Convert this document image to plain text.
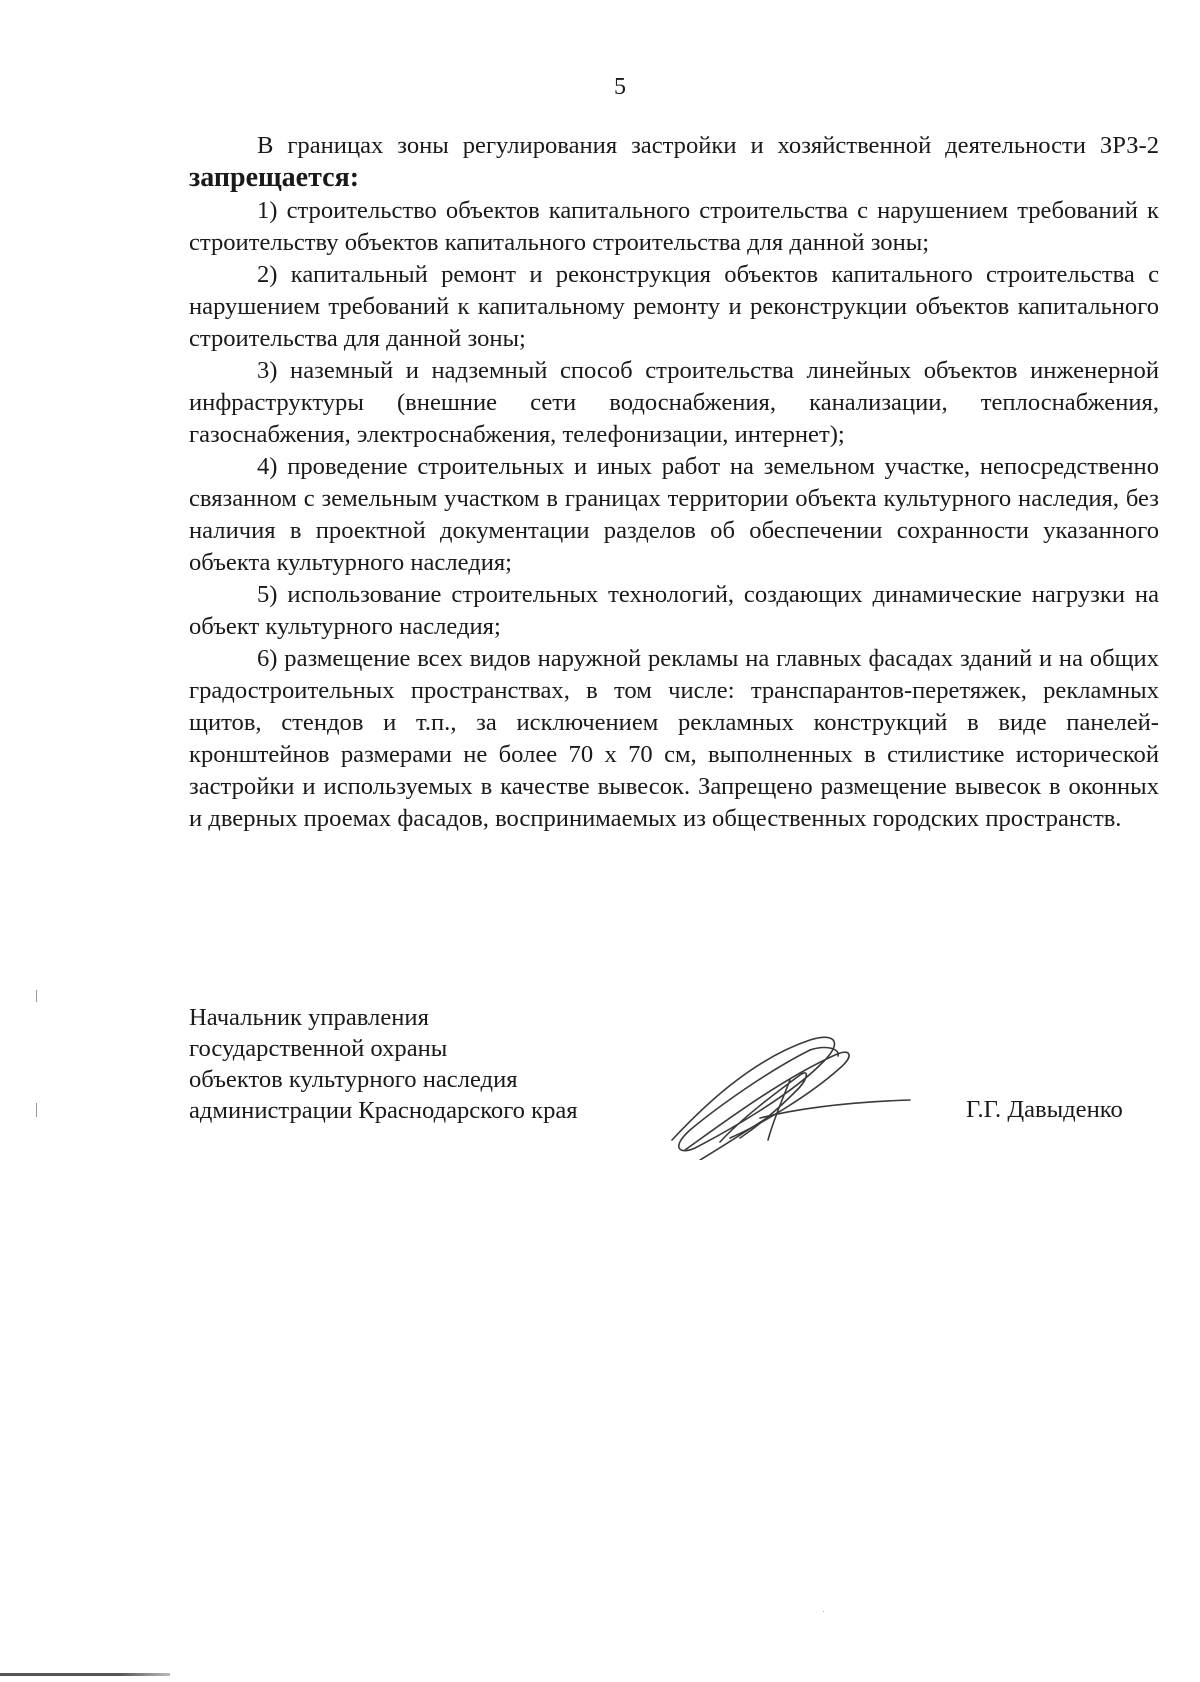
5

В границах зоны регулирования застройки и хозяйственной деятельности ЗРЗ-2 запрещается:

1) строительство объектов капитального строительства с нарушением требований к строительству объектов капитального строительства для данной зоны;

2) капитальный ремонт и реконструкция объектов капитального строительства с нарушением требований к капитальному ремонту и реконструкции объектов капитального строительства для данной зоны;

3) наземный и надземный способ строительства линейных объектов инженерной инфраструктуры (внешние сети водоснабжения, канализации, теплоснабжения, газоснабжения, электроснабжения, телефонизации, интернет);

4) проведение строительных и иных работ на земельном участке, непосредственно связанном с земельным участком в границах территории объекта культурного наследия, без наличия в проектной документации разделов об обеспечении сохранности указанного объекта культурного наследия;

5) использование строительных технологий, создающих динамические нагрузки на объект культурного наследия;

6) размещение всех видов наружной рекламы на главных фасадах зданий и на общих градостроительных пространствах, в том числе: транспарантов-перетяжек, рекламных щитов, стендов и т.п., за исключением рекламных конструкций в виде панелей-кронштейнов размерами не более 70 х 70 см, выполненных в стилистике исторической застройки и используемых в качестве вывесок. Запрещено размещение вывесок в оконных и дверных проемах фасадов, воспринимаемых из общественных городских пространств.

Начальник управления
государственной охраны
объектов культурного наследия
администрации Краснодарского края	Г.Г. Давыденко
